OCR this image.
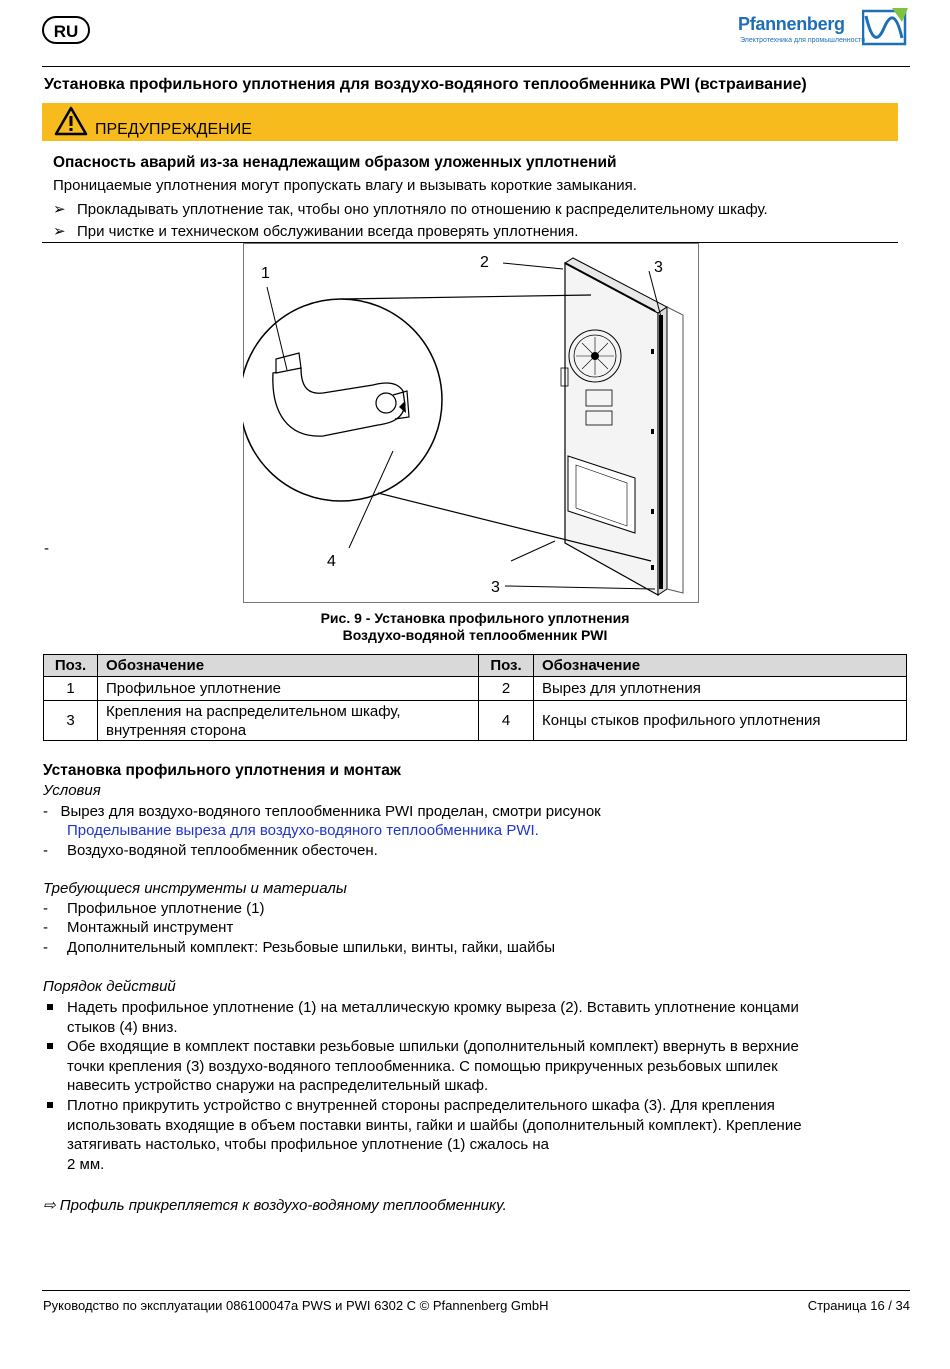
RU	Pfannenberg
Электротехника для промышленности
Установка профильного уплотнения для воздухо-водяного теплообменника PWI (встраивание)
ПРЕДУПРЕЖДЕНИЕ
Опасность аварий из-за ненадлежащим образом уложенных уплотнений
Проницаемые уплотнения могут пропускать влагу и вызывать короткие замыкания.
➢ Прокладывать уплотнение так, чтобы оно уплотняло по отношению к распределительному шкафу.
➢ При чистке и техническом обслуживании всегда проверять уплотнения.
1
2	3
4
3
-
Рис. 9 - Установка профильного уплотнения
Воздухо-водяной теплообменник PWI
Поз.	Обозначение	Поз.	Обозначение
1	Профильное уплотнение	2	Вырез для уплотнения
3	Крепления на распределительном шкафу, внутренняя сторона	4	Концы стыков профильного уплотнения
Установка профильного уплотнения и монтаж
Условия
- Вырез для воздухо-водяного теплообменника PWI проделан, смотри рисунок
Проделывание выреза для воздухо-водяного теплообменника PWI.
- Воздухо-водяной теплообменник обесточен.
Требующиеся инструменты и материалы
- Профильное уплотнение (1)
- Монтажный инструмент
- Дополнительный комплект: Резьбовые шпильки, винты, гайки, шайбы
Порядок действий
Надеть профильное уплотнение (1) на металлическую кромку выреза (2). Вставить уплотнение концами
стыков (4) вниз.
Обе входящие в комплект поставки резьбовые шпильки (дополнительный комплект) ввернуть в верхние
точки крепления (3) воздухо-водяного теплообменника. С помощью прикрученных резьбовых шпилек
навесить устройство снаружи на распределительный шкаф.
Плотно прикрутить устройство с внутренней стороны распределительного шкафа (3). Для крепления
использовать входящие в объем поставки винты, гайки и шайбы (дополнительный комплект). Крепление
затягивать настолько, чтобы профильное уплотнение (1) сжалось на
2 мм.
⇨ Профиль прикрепляется к воздухо-водяному теплообменнику.
Руководство по эксплуатации 086100047a PWS и PWI 6302 C © Pfannenberg GmbH	Страница 16 / 34
